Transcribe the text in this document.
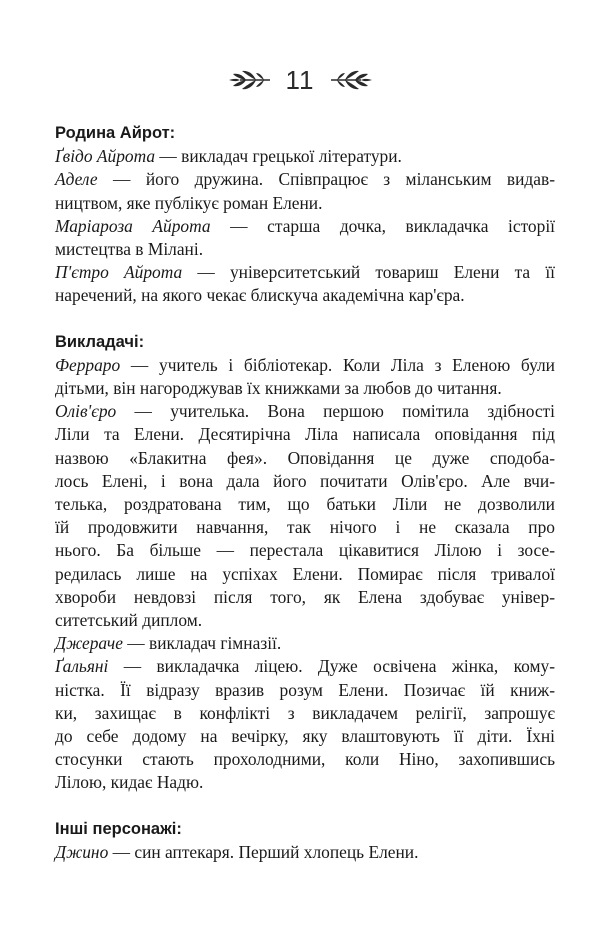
11
Родина Айрот:
Ґвідо Айрота — викладач грецької літератури.
Аделе — його дружина. Співпрацює з міланським видав-
ництвом, яке публікує роман Елени.
Маріароза Айрота — старша дочка, викладачка історії
мистецтва в Мілані.
П'єтро Айрота — університетський товариш Елени та її
наречений, на якого чекає блискуча академічна кар'єра.
Викладачі:
Ферраро — учитель і бібліотекар. Коли Ліла з Еленою були
дітьми, він нагороджував їх книжками за любов до читання.
Олів'єро — учителька. Вона першою помітила здібності
Ліли та Елени. Десятирічна Ліла написала оповідання під
назвою «Блакитна фея». Оповідання це дуже сподоба-
лось Елені, і вона дала його почитати Олів'єро. Але вчи-
телька, роздратована тим, що батьки Ліли не дозволили
їй продовжити навчання, так нічого і не сказала про
нього. Ба більше — перестала цікавитися Лілою і зосе-
редилась лише на успіхах Елени. Помирає після тривалої
хвороби невдовзі після того, як Елена здобуває універ-
ситетський диплом.
Джераче — викладач гімназії.
Ґальяні — викладачка ліцею. Дуже освічена жінка, кому-
ністка. Її відразу вразив розум Елени. Позичає їй книж-
ки, захищає в конфлікті з викладачем релігії, запрошує
до себе додому на вечірку, яку влаштовують її діти. Їхні
стосунки стають прохолодними, коли Ніно, захопившись
Лілою, кидає Надю.
Інші персонажі:
Джино — син аптекаря. Перший хлопець Елени.
